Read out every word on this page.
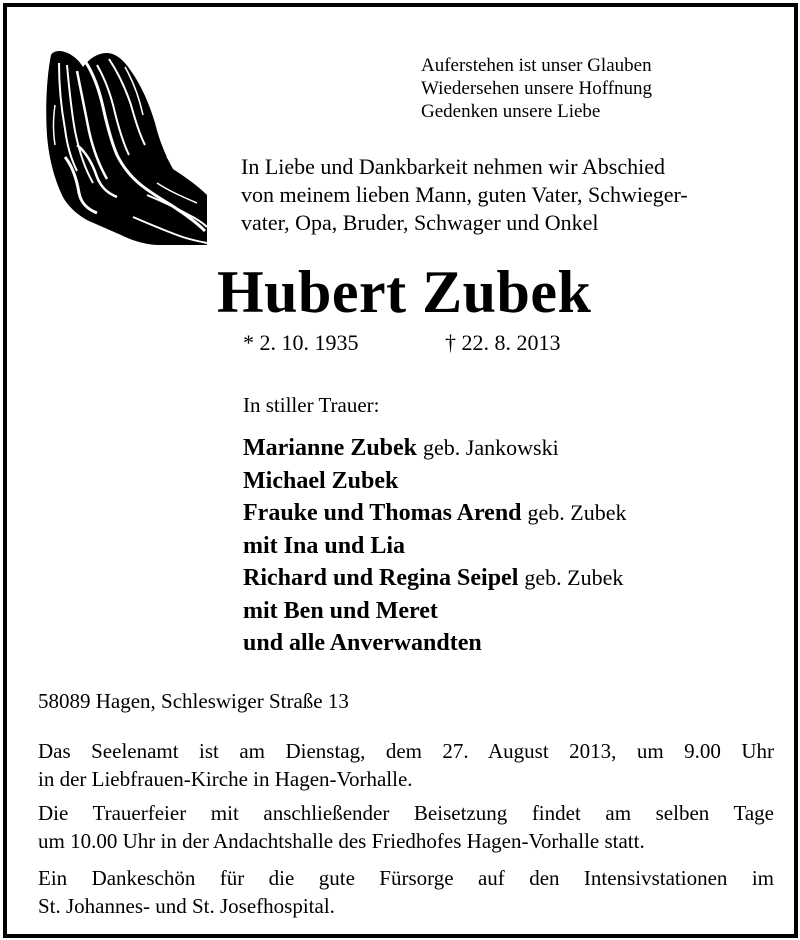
Auferstehen ist unser Glauben
Wiedersehen unsere Hoffnung
Gedenken unsere Liebe
In Liebe und Dankbarkeit nehmen wir Abschied
von meinem lieben Mann, guten Vater, Schwieger-
vater, Opa, Bruder, Schwager und Onkel
Hubert Zubek
* 2. 10. 1935	† 22. 8. 2013
In stiller Trauer:
Marianne Zubek geb. Jankowski
Michael Zubek
Frauke und Thomas Arend geb. Zubek
mit Ina und Lia
Richard und Regina Seipel geb. Zubek
mit Ben und Meret
und alle Anverwandten
58089 Hagen, Schleswiger Straße 13
Das Seelenamt ist am Dienstag, dem 27. August 2013, um 9.00 Uhr
in der Liebfrauen-Kirche in Hagen-Vorhalle.
Die Trauerfeier mit anschließender Beisetzung findet am selben Tage
um 10.00 Uhr in der Andachtshalle des Friedhofes Hagen-Vorhalle statt.
Ein Dankeschön für die gute Fürsorge auf den Intensivstationen im
St. Johannes- und St. Josefhospital.
